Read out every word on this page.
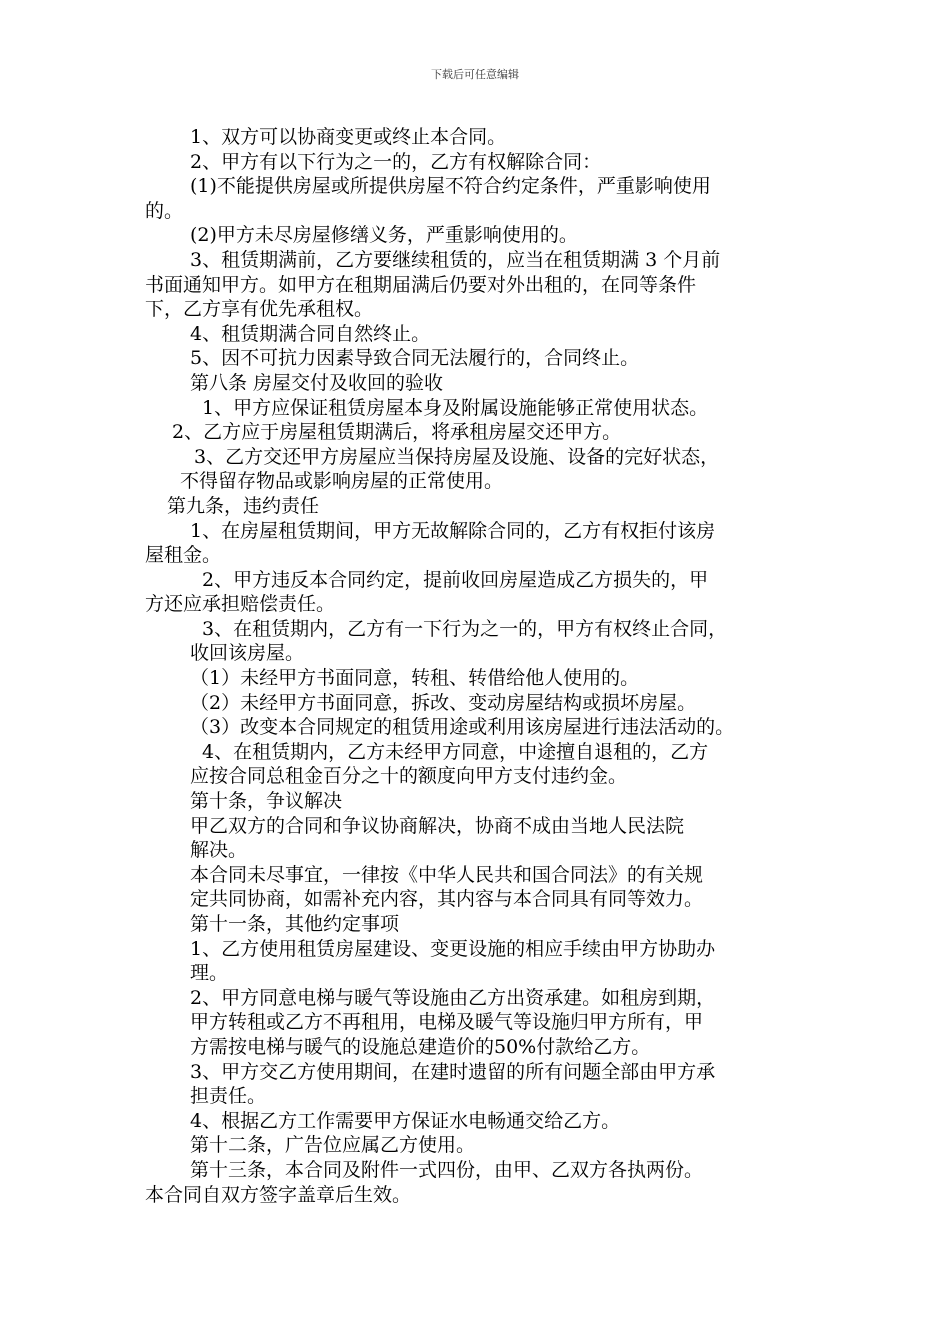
下载后可任意编辑
1、双方可以协商变更或终止本合同。
2、甲方有以下行为之一的，乙方有权解除合同：
(1)不能提供房屋或所提供房屋不符合约定条件，严重影响使用
的。
(2)甲方未尽房屋修缮义务，严重影响使用的。
3、租赁期满前，乙方要继续租赁的，应当在租赁期满 3 个月前
书面通知甲方。如甲方在租期届满后仍要对外出租的，在同等条件
下，乙方享有优先承租权。
4、租赁期满合同自然终止。
5、因不可抗力因素导致合同无法履行的，合同终止。
第八条 房屋交付及收回的验收
1、甲方应保证租赁房屋本身及附属设施能够正常使用状态。
2、乙方应于房屋租赁期满后，将承租房屋交还甲方。
3、乙方交还甲方房屋应当保持房屋及设施、设备的完好状态，
不得留存物品或影响房屋的正常使用。
第九条，违约责任
1、在房屋租赁期间，甲方无故解除合同的，乙方有权拒付该房
屋租金。
2、甲方违反本合同约定，提前收回房屋造成乙方损失的，甲
方还应承担赔偿责任。
3、在租赁期内，乙方有一下行为之一的，甲方有权终止合同，
收回该房屋。
（1）未经甲方书面同意，转租、转借给他人使用的。
（2）未经甲方书面同意，拆改、变动房屋结构或损坏房屋。
（3）改变本合同规定的租赁用途或利用该房屋进行违法活动的。
4、在租赁期内，乙方未经甲方同意，中途擅自退租的，乙方
应按合同总租金百分之十的额度向甲方支付违约金。
第十条，争议解决
甲乙双方的合同和争议协商解决，协商不成由当地人民法院
解决。
本合同未尽事宜，一律按《中华人民共和国合同法》的有关规
定共同协商，如需补充内容，其内容与本合同具有同等效力。
第十一条，其他约定事项
1、乙方使用租赁房屋建设、变更设施的相应手续由甲方协助办
理。
2、甲方同意电梯与暖气等设施由乙方出资承建。如租房到期，
甲方转租或乙方不再租用，电梯及暖气等设施归甲方所有，甲
方需按电梯与暖气的设施总建造价的50%付款给乙方。
3、甲方交乙方使用期间，在建时遗留的所有问题全部由甲方承
担责任。
4、根据乙方工作需要甲方保证水电畅通交给乙方。
第十二条，广告位应属乙方使用。
第十三条，本合同及附件一式四份，由甲、乙双方各执两份。
本合同自双方签字盖章后生效。
